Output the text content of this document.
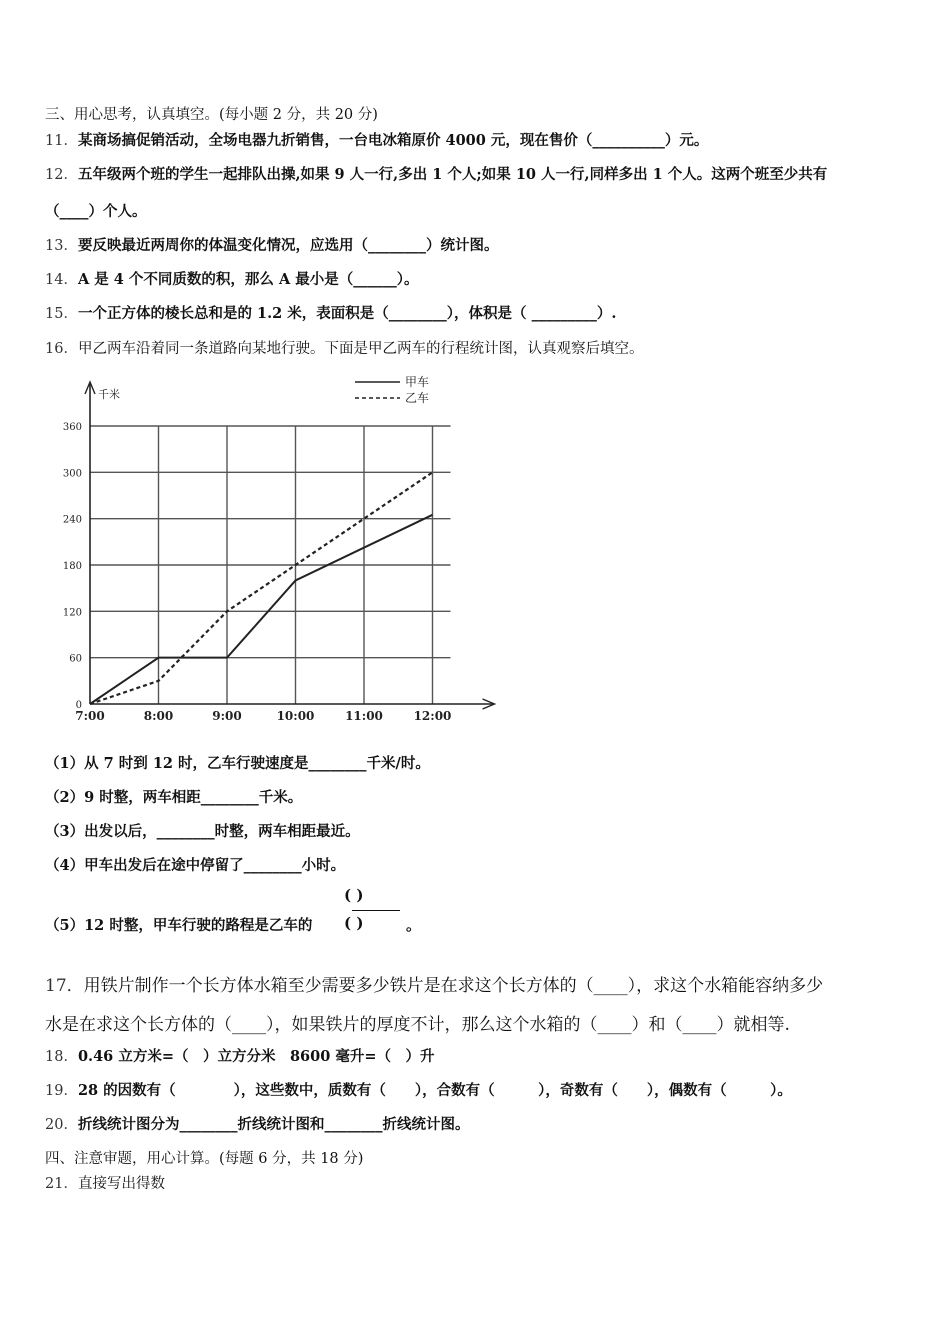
三、用心思考，认真填空。(每小题 2 分，共 20 分)
11．某商场搞促销活动，全场电器九折销售，一台电冰箱原价 4000 元，现在售价（__________）元。
12．五年级两个班的学生一起排队出操,如果 9 人一行,多出 1 个人;如果 10 人一行,同样多出 1 个人。这两个班至少共有
（____）个人。
13．要反映最近两周你的体温变化情况，应选用（________）统计图。
14．A 是 4 个不同质数的积，那么 A 最小是（______）。
15．一个正方体的棱长总和是的 1.2 米，表面积是（________），体积是（ _________）.
16．甲乙两车沿着同一条道路向某地行驶。下面是甲乙两车的行程统计图，认真观察后填空。
千米
0
60
120
180
240
300
360
7:00	8:00	9:00	10:00	11:00	12:00
甲车
乙车
（1）从 7 时到 12 时，乙车行驶速度是________千米/时。
（2）9 时整，两车相距________千米。
（3）出发以后，________时整，两车相距最近。
（4）甲车出发后在途中停留了________小时。
（5）12 时整，甲车行驶的路程是乙车的
( )
( )	。
17．用铁片制作一个长方体水箱至少需要多少铁片是在求这个长方体的（____），求这个水箱能容纳多少
水是在求这个长方体的（____），如果铁片的厚度不计，那么这个水箱的（____）和（____）就相等.
18．0.46 立方米=（　）立方分米　8600 毫升=（　）升
19．28 的因数有（　　　　），这些数中，质数有（　　），合数有（　　　），奇数有（　　），偶数有（　　　）。
20．折线统计图分为________折线统计图和________折线统计图。
四、注意审题，用心计算。(每题 6 分，共 18 分)
21．直接写出得数
